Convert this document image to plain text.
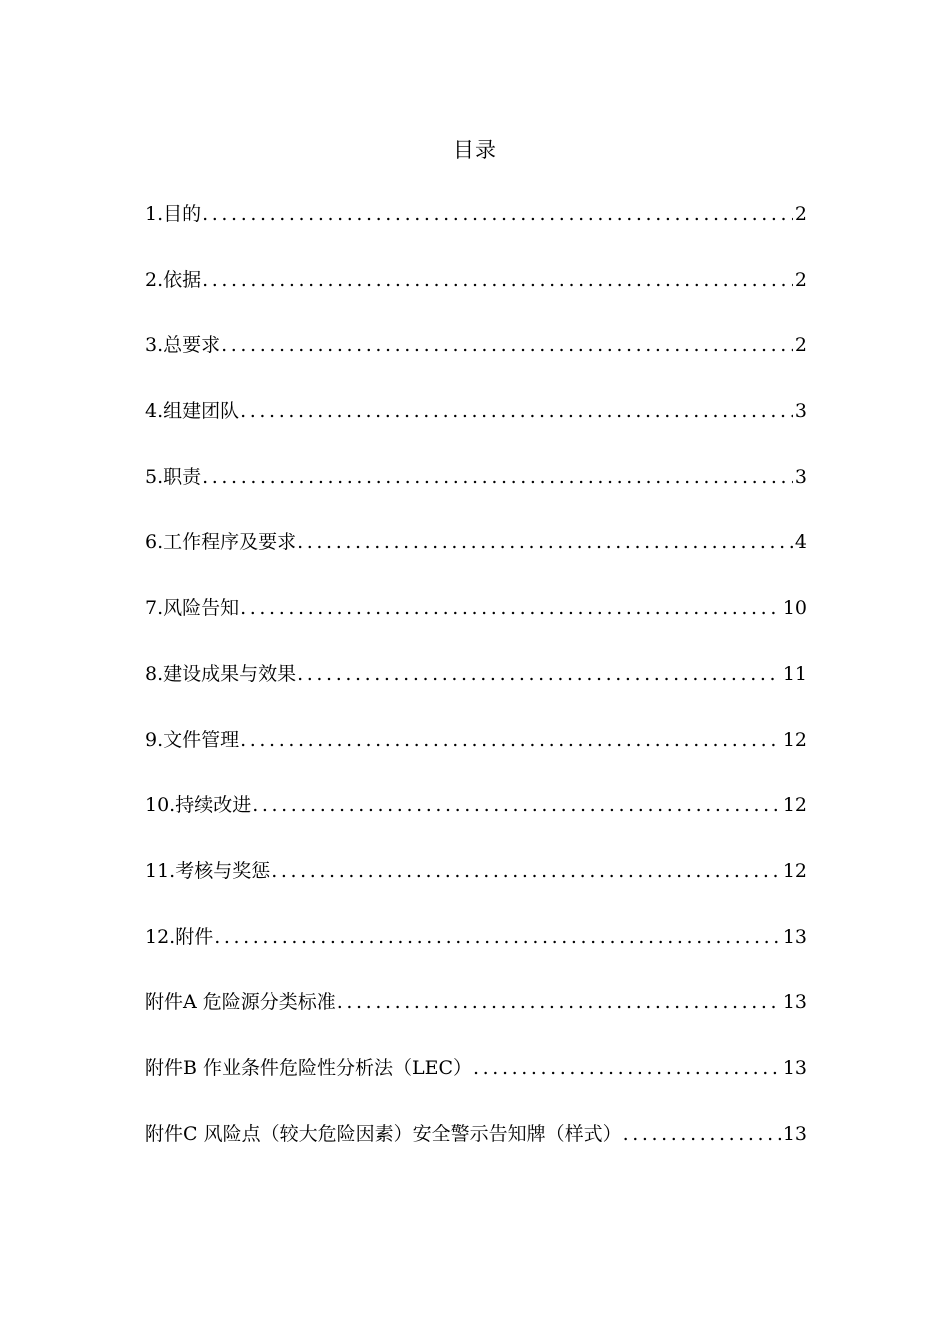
目录
1.目的 .....	2
2.依据 .....	2
3.总要求 .....	2
4.组建团队 .....	3
5.职责 .....	3
6.工作程序及要求 .....	4
7.风险告知 .....	10
8.建设成果与效果 .....	11
9.文件管理 .....	12
10.持续改进 .....	12
11.考核与奖惩 .....	12
12.附件 .....	13
附件A 危险源分类标准 .....	13
附件B 作业条件危险性分析法（LEC） .....	13
附件C 风险点（较大危险因素）安全警示告知牌（样式） .....	13
